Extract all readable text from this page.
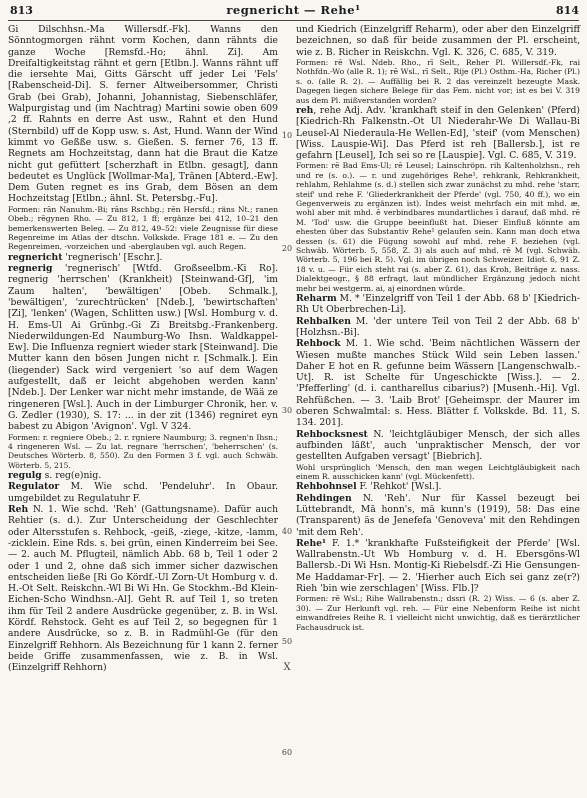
813	regnericht — Rehe¹	814
10
20
30
40
50
60
X

Gi Dilschhsn.-Ma Willersdf.-Fk]. Wanns den Sönntogmorgen rähnt vorm Kochen, dann rähnts die ganze Woche [Remsfd.-Ho; ähnl. Zi]. Am Dreifaltigkeitstag rähnt et gern [Etlbn.]. Wanns rähnt uff die iersehte Mai, Gitts Gärscht uff jeder Lei 'Fels' [Rabenscheid-Di]. S. ferner Altweibersommer, Christi Grab (bei Grab), Johanni, Johannistag, Siebenschläfer, Walpurgistag und (im Nachtrag) Martini sowie oben 609 ,2 ff. Rahnts en derre Ast usw., Rahnt et den Hund (Sternbild) uff de Kopp usw. s. Ast, Hund. Wann der Wind kimmt vo Geßße usw. s. Gießen. S. ferner 76, 13 ff. Regnets am Hochzeitstag, dann hat die Braut die Katze nicht gut gefüttert [scherzhaft in Etlbn. gesagt], dann bedeutet es Unglück [Wollmar-Ma], Tränen [Abterd.-Ew]. Dem Guten regnet es ins Grab, dem Bösen an dem Hochzeitstag [Etlbn.; ähnl. St. Petersbg.-Fu].

Formen: rān Nanuhm.-Bi; rāns Rschbg.; rēn Hersfd.; räns Nt.; ranen Obeb.; rēgynen Rho. — Zu 812, 1 ff; ergänze bei 412, 10–21 den bemerkenswerten Beleg. — Zu 812, 49–52: viele Zeugnisse für diese Regenreime im Atlas der dtschn. Volkskde. Frage 181 e. — Zu den Regenreimen, -vorzeichen und -aberglauben vgl. auch Regen.

regnericht 'regnerisch' [Eschr.].

regnerig 'regnerisch' [Wtfd. Großseelbm.-Ki Ro]. regnerig 'herrschen' (Krankheit) [Steinwand-Gf], 'im Zaum halten', 'bewältigen' [Obeb. Schmalk.], 'bewältigen', 'zurechtrücken' [Ndeb.], 'bewirtschaften' [Zi], 'lenken' (Wagen, Schlitten usw.) [Wsl. Homburg v. d. H. Ems-Ul Ai Grünbg.-Gi Zi Breitsbg.-Frankenberg. Niederwildungen-Ed Naumburg-Wo Ihsn. Waldkappel-Ew]. Die Influenza regniert wieder stark [Steinwand]. Die Mutter kann den bösen Jungen nicht r. [Schmalk.]. Ein (liegender) Sack wird vergeniert 'so auf dem Wagen aufgestellt, daß er leicht abgehoben werden kann' [Ndeb.]. Der Lenker war nicht mehr imstande, de Wää ze ringeneren [Wsl.]. Auch in der Limburger Chronik, her. v. G. Zedler (1930), S. 17: ... in der zit (1346) regniret eyn babest zu Abigon 'Avignon'. Vgl. V 324.

Formen: r. regniere Obeb.; 2. r. rgniere Naumburg; 3. regnen'n Ihsn.; 4 ringeneren Wsl. — Zu lat. regnare 'herrschen', 'beherrschen' (s. Deutsches Wörterb. 8, 550). Zu den Formen 3 f. vgl. auch Schwäb. Wörterb. 5, 215.

regulg s. reg(e)nig.

Regulator M. Wie schd. 'Pendeluhr'. In Obaur. umgebildet zu Regulatuhr F.

Reh N. 1. Wie schd. 'Reh' (Gattungsname). Dafür auch Rehtier (s. d.). Zur Unterscheidung der Geschlechter oder Altersstufen s. Rehbock, -geiß, -ziege, -kitze, -lamm, -zicklein. Eine Rds. s. bei grün, einen Kinderreim bei See. — 2. auch M. Pflugteil, nämlich Abb. 68 b, Teil 1 oder 2 oder 1 und 2, ohne daß sich immer sicher dazwischen entscheiden ließe [Ri Go Kördf.-Ul Zorn-Ut Homburg v. d. H.-Ot Selt. Reiskchn.-Wl Bi Wi Hn. Ge Stockhm.-Bd Klein-Eichen-Scho Windhsn.-Al]. Geht R. auf Teil 1, so treten ihm für Teil 2 andere Ausdrücke gegenüber, z. B. in Wsl. Kördf. Rehstock. Geht es auf Teil 2, so begegnen für 1 andere Ausdrücke, so z. B. in Radmühl-Ge (für den Einzelgriff Rehhorn. Als Bezeichnung für 1 kann 2. ferner beide Griffe zusammenfassen, wie z. B. in Wsl. (Einzelgriff Rehhorn)

und Kiedrich (Einzelgriff Reharm), oder aber den Einzelgriff bezeichnen, so daß für beide zusammen der Pl. erscheint, wie z. B. Richer in Reiskchn. Vgl. K. 326, C. 685, V. 319.

Formen: rē Wsl. Ndeb. Rho., rī Selt., Reher Pl. Willersdf.-Fk, rai Nothfdn.-Wo (alle R. 1); rē Wsl., rī Selt., Rije (Pl.) Osthm.-Ha, Richer (Pl.) s. o. (alle R. 2). — Auffällig bei R. 2 das vereinzelt bezeugte Mask. Dagegen liegen sichere Belege für das Fem. nicht vor; ist es bei V. 319 aus dem Pl. mißverstanden worden?

reh, rehe Adj. Adv. 'krankhaft steif in den Gelenken' (Pferd) [Kiedrich-Rh Falkenstn.-Ot Ul Niederahr-We Di Wallau-Bi Leusel-Al Niederaula-He Wellen-Ed], 'steif' (vom Menschen) [Wiss. Lauspie-Wi]. Das Pferd ist reh [Ballersb.], ist re gefahrn [Leusel], Ich sei so re [Lauspie]. Vgl. C. 685, V. 319.

Formen: rē Bad Ems-Ul; rē Leusel; Lainschröpn. rih Kaltenholzhsn., reh und re (s. o.). — r. und zugehöriges Rehe¹, rehkrank, Rehkrankheit, rehlahm, Rehlahme (s. d.) stellen sich zwar zunächst zu mhd. rehe 'starr, steif' und rehe F. 'Gliederkrankheit der Pferde' (vgl. 750, 40 ff.), wo ein Gegenverweis zu ergänzen ist). Indes weist mehrfach ein mit mhd. æ, wohl aber mit mhd. ē verbindbares mundartliches ī darauf, daß mhd. rē M. 'Tod' usw. die Gruppe beeinflußt hat. Dieser Einfluß könnte am ehesten über das Substantiv Rehe¹ gelaufen sein. Kann man doch etwa dessen (s. 61) die Fügung sowohl auf mhd. rehe F. beziehen (vgl. Schwäb. Wörterb. 5, 558, Z. 3) als auch auf mhd. rē M (vgl. Schwäb. Wörterb. 5, 196 bei R. 5). Vgl. im übrigen noch Schweizer. Idiot. 6, 91 Z. 18 v. u. — Für eich steht rai (s. aber Z. 61), das Kroh, Beiträge z. nass. Dialektgeogr., § 88 erfragt, laut mündlicher Ergänzung jedoch nicht mehr bei westgerm. ai, aj einordnen würde.

Reharm M. * 'Einzelgriff von Teil 1 der Abb. 68 b' [Kiedrich-Rh Ut Oberbrechen-Li].

Rehbalken M. 'der untere Teil von Teil 2 der Abb. 68 b' [Holzhsn.-Bi].

Rehbock M. 1. Wie schd. 'Beim nächtlichen Wässern der Wiesen mußte manches Stück Wild sein Leben lassen.' Daher E hot en R. gefunne beim Wässern [Langenschwalb.-Ut]. R. ist Schelte für Ungeschickte [Wiss.]. — 2. 'Pfefferling' (d. i. cantharellus cibarius?) [Musenh.-Hi]. Vgl. Rehfüßchen. — 3. 'Laib Brot' [Geheimspr. der Maurer im oberen Schwalmtal: s. Hess. Blätter f. Volkskde. Bd. 11, S. 134. 201].

Rehbocksnest N. 'leichtgläubiger Mensch, der sich alles aufbinden läßt', auch 'unpraktischer Mensch, der vor gestellten Aufgaben versagt' [Biebrich].

Wohl ursprünglich 'Mensch, den man wegen Leichtgläubigkeit nach einem R. ausschicken kann' (vgl. Mückenfett).

Rehbohnsel F. 'Rehkot' [Wsl.].

Rehdingen N. 'Reh'. Nur für Kassel bezeugt bei Lüttebrandt, Mā honn's, mā kunn's (1919), 58: Das eine (Transparent) äs de Jenefefa 'Genoveva' mit den Rehdingen 'mit dem Reh'.

Rehe¹ F. 1.* 'krankhafte Fußsteifigkeit der Pferde' [Wsl. Wallrabenstn.-Ut Wb Homburg v. d. H. Ebersgöns-Wl Ballersb.-Di Wi Hsn. Montig-Ki Riebelsdf.-Zi Hie Gensungen-Me Haddamar-Fr]. — 2. 'Hierher auch Eich sei ganz ze(r?) Rieh 'bin wie zerschlagen' [Wiss. Flb.]?

Formen: rē Wsl.; Rihe Wallrabenstn.; dssri (R. 2) Wiss. — 6 (s. aber Z. 30). — Zur Herkunft vgl. reh. — Für eine Nebenform Reihe ist nicht einwandfreies Reihe R. 1 vielleicht nicht unwichtig, daß es tierärztlicher Fachausdruck ist.
